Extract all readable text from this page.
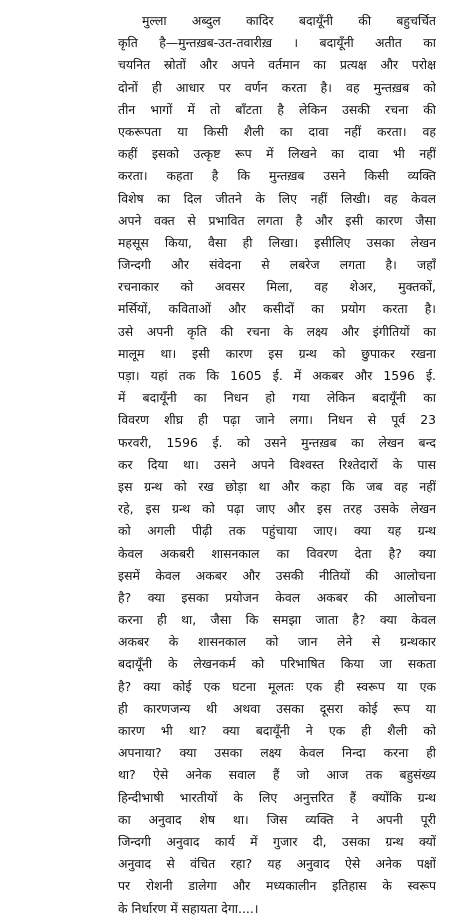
मुल्ला अब्दुल कादिर बदायूँनी की बहुचर्चित
कृति है—मुन्तख़ब-उत-तवारीख़ । बदायूँनी अतीत का
चयनित स्रोतों और अपने वर्तमान का प्रत्यक्ष और परोक्ष
दोनों ही आधार पर वर्णन करता है। वह मुन्तख़ब को
तीन भागों में तो बाँटता है लेकिन उसकी रचना की
एकरूपता या किसी शैली का दावा नहीं करता। वह
कहीं इसको उत्कृष्ट रूप में लिखने का दावा भी नहीं
करता। कहता है कि मुन्तख़ब उसने किसी व्यक्ति
विशेष का दिल जीतने के लिए नहीं लिखी। वह केवल
अपने वक्त से प्रभावित लगता है और इसी कारण जैसा
महसूस किया, वैसा ही लिखा। इसीलिए उसका लेखन
जिन्दगी और संवेदना से लबरेज लगता है। जहाँ
रचनाकार को अवसर मिला, वह शेअर, मुक्तकों,
मर्सियों, कविताओं और कसीदों का प्रयोग करता है।
उसे अपनी कृति की रचना के लक्ष्य और इंगीतियों का
मालूम था। इसी कारण इस ग्रन्थ को छुपाकर रखना
पड़ा। यहां तक कि 1605 ई. में अकबर और 1596 ई.
में बदायूँनी का निधन हो गया लेकिन बदायूँनी का
विवरण शीघ्र ही पढ़ा जाने लगा। निधन से पूर्व 23
फरवरी, 1596 ई. को उसने मुन्तख़ब का लेखन बन्द
कर दिया था। उसने अपने विश्वस्त रिश्तेदारों के पास
इस ग्रन्थ को रख छोड़ा था और कहा कि जब वह नहीं
रहे, इस ग्रन्थ को पढ़ा जाए और इस तरह उसके लेखन
को अगली पीढ़ी तक पहुंचाया जाए। क्या यह ग्रन्थ
केवल अकबरी शासनकाल का विवरण देता है? क्या
इसमें केवल अकबर और उसकी नीतियों की आलोचना
है? क्या इसका प्रयोजन केवल अकबर की आलोचना
करना ही था, जैसा कि समझा जाता है? क्या केवल
अकबर के शासनकाल को जान लेने से ग्रन्थकार
बदायूँनी के लेखनकर्म को परिभाषित किया जा सकता
है? क्या कोई एक घटना मूलतः एक ही स्वरूप या एक
ही कारणजन्य थी अथवा उसका दूसरा कोई रूप या
कारण भी था? क्या बदायूँनी ने एक ही शैली को
अपनाया? क्या उसका लक्ष्य केवल निन्दा करना ही
था? ऐसे अनेक सवाल हैं जो आज तक बहुसंख्य
हिन्दीभाषी भारतीयों के लिए अनुत्तरित हैं क्योंकि ग्रन्थ
का अनुवाद शेष था। जिस व्यक्ति ने अपनी पूरी
जिन्दगी अनुवाद कार्य में गुजार दी, उसका ग्रन्थ क्यों
अनुवाद से वंचित रहा? यह अनुवाद ऐसे अनेक पक्षों
पर रोशनी डालेगा और मध्यकालीन इतिहास के स्वरूप
के निर्धारण में सहायता देगा....।
